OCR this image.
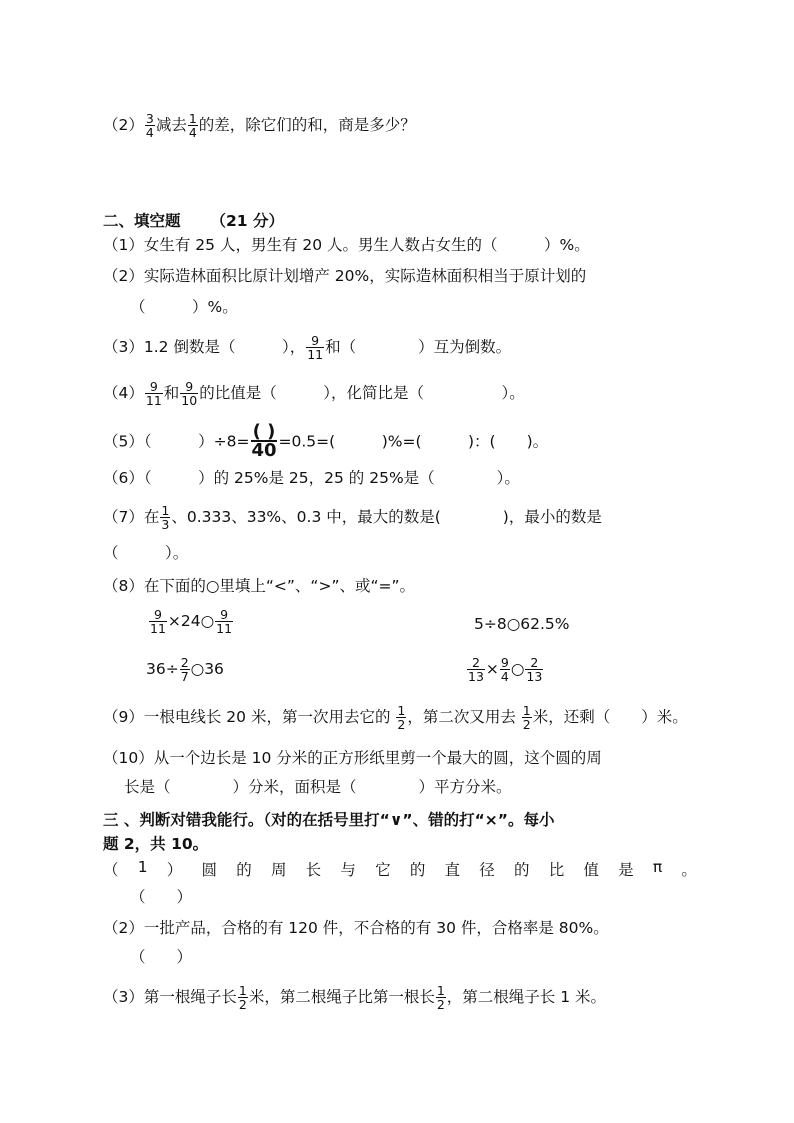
$(2) \frac{3}{4}$ 减去 $\frac{1}{4}$ 的差，除它们的和，商是多少？
二、填空题 （21 分）
（1）女生有 25 人，男生有 20 人。男生人数占女生的（　　　）%。
（2）实际造林面积比原计划增产 20%，实际造林面积相当于原计划的
（　　　）%。
（3）1.2 倒数是（　　　）， $\frac{9}{11}$ 和（　　　　）互为倒数。
$(4) \frac{9}{11}$ 和 $\frac{9}{10}$ 的比值是（　　　），化简比是（　　　　　）。
（5）（　　　）÷8= ( )
40 =0.5=(　　　)%=(　　　)：(　　)。
（6）（　　　）的 25%是 25，25 的 25%是（　　　　）。
（7）在 $\frac{1}{3}$ 、0.333、33%、0.3 中，最大的数是(　　　　)，最小的数是
（　　　）。
（8）在下面的○里填上“<”、“>”、或“=”。
$\frac{9}{11}$ ×24○ $\frac{9}{11}$	5÷8○62.5%
$36\div \frac{2}{7}$ ○36	$\frac{2}{13} \times \frac{9}{4}$ ○ $\frac{2}{13}$
（9）一根电线长 20 米，第一次用去它的 $\frac{1}{2}$ ，第二次又用去 $\frac{1}{2}$ 米，还剩（　　）米。
（10）从一个边长是 10 分米的正方形纸里剪一个最大的圆，这个圆的周
长是（　　　　）分米，面积是（　　　　）平方分米。
三 、判断对错我能行。（对的在括号里打“∨”、错的打“×”。每小
题 2，共 10。
（ 1 ） 圆 的 周 长 与 它 的 直 径 的 比 值 是 π 。
（　　）
（2）一批产品，合格的有 120 件，不合格的有 30 件，合格率是 80%。
（　　）
（3）第一根绳子长 $\frac{1}{2}$ 米，第二根绳子比第一根长 $\frac{1}{2}$ ，第二根绳子长 1 米。
